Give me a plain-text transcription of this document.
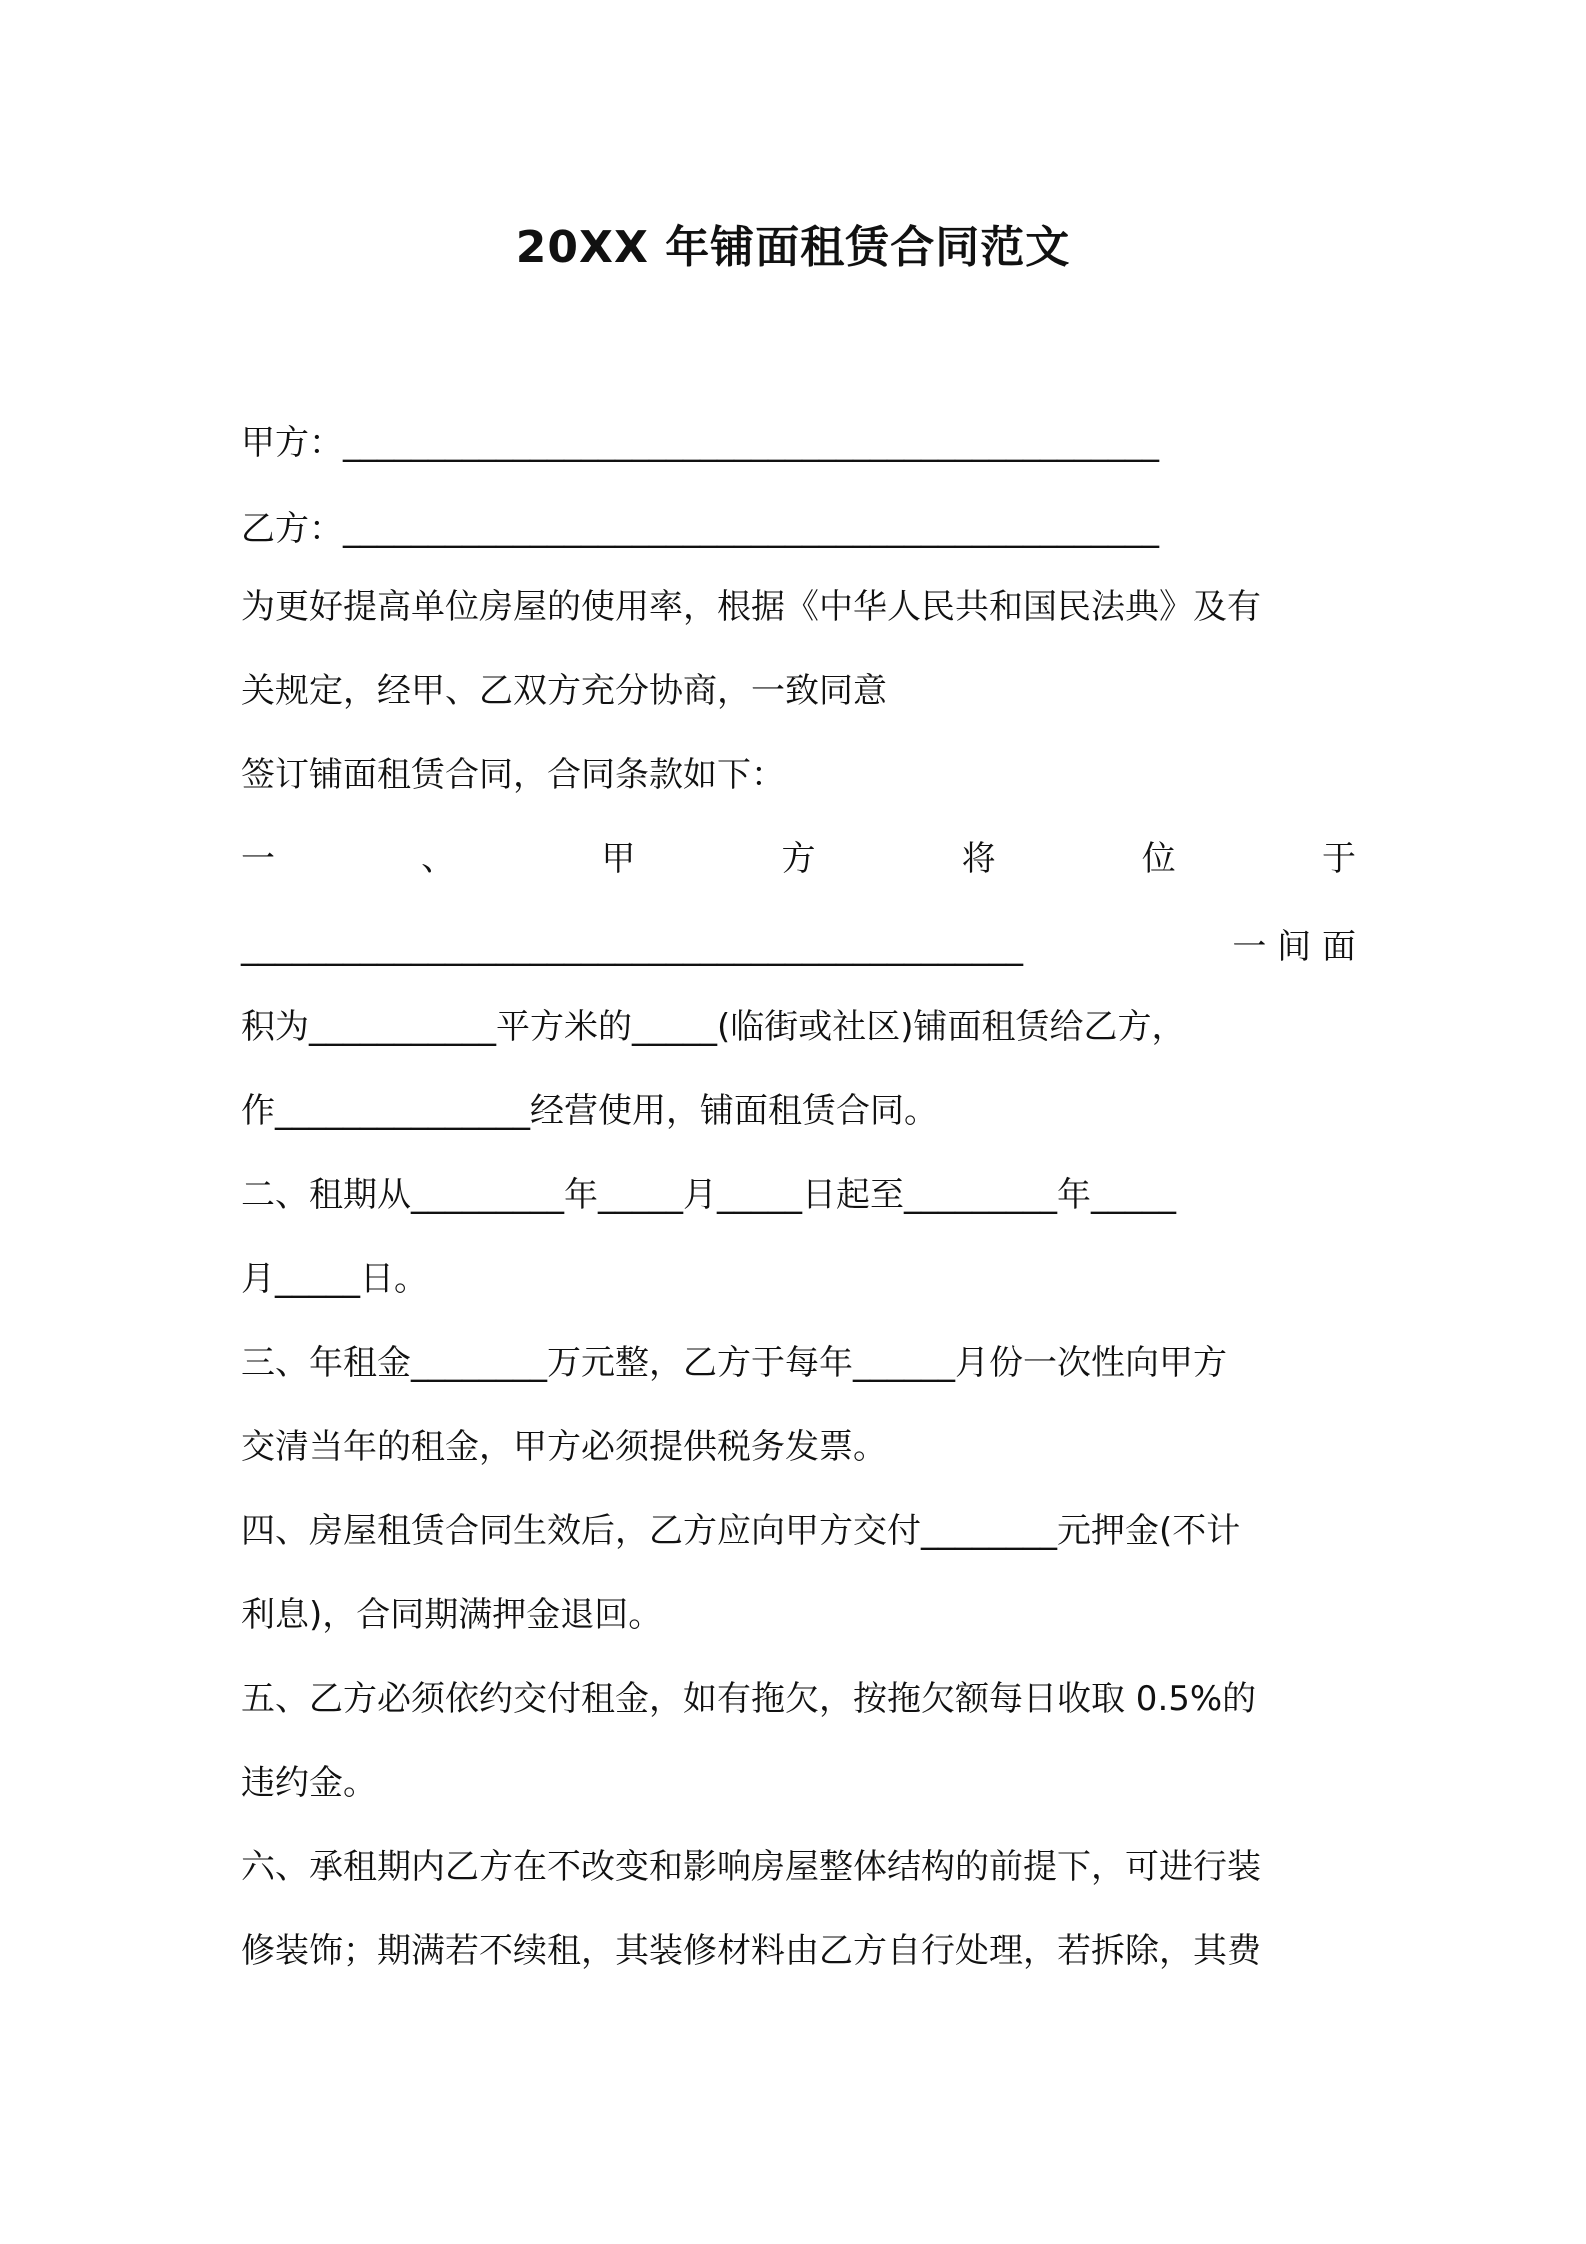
20XX 年铺面租赁合同范文
甲方：________________________________________________
乙方：________________________________________________
为更好提高单位房屋的使用率，根据《中华人民共和国民法典》及有
关规定，经甲、乙双方充分协商，一致同意
签订铺面租赁合同，合同条款如下：
一	、	甲	方	将	位	于
______________________________________________	一 间 面
积为___________平方米的_____(临街或社区)铺面租赁给乙方，
作_______________经营使用，铺面租赁合同。
二、租期从_________年_____月_____日起至_________年_____
月_____日。
三、年租金________万元整，乙方于每年______月份一次性向甲方
交清当年的租金，甲方必须提供税务发票。
四、房屋租赁合同生效后，乙方应向甲方交付________元押金(不计
利息)，合同期满押金退回。
五、乙方必须依约交付租金，如有拖欠，按拖欠额每日收取 0.5%的
违约金。
六、承租期内乙方在不改变和影响房屋整体结构的前提下，可进行装
修装饰；期满若不续租，其装修材料由乙方自行处理，若拆除，其费
